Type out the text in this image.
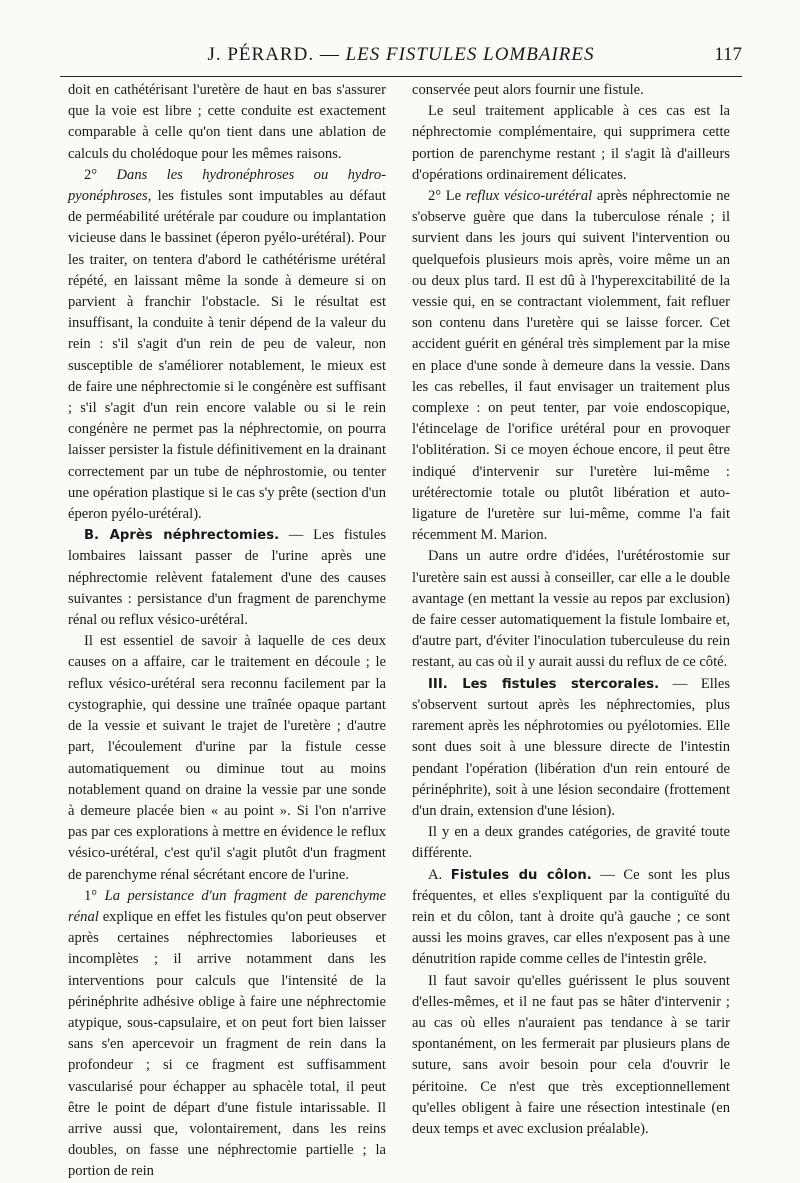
J. PÉRARD. — LES FISTULES LOMBAIRES	117

doit en cathétérisant l'uretère de haut en bas s'assurer que la voie est libre ; cette conduite est exactement comparable à celle qu'on tient dans une ablation de calculs du cholédoque pour les mêmes raisons.

2° Dans les hydronéphroses ou hydro-pyonéphroses, les fistules sont imputables au défaut de perméabilité urétérale par coudure ou implantation vicieuse dans le bassinet (éperon pyélo-urétéral). Pour les traiter, on tentera d'abord le cathétérisme urétéral répété, en laissant même la sonde à demeure si on parvient à franchir l'obstacle. Si le résultat est insuffisant, la conduite à tenir dépend de la valeur du rein : s'il s'agit d'un rein de peu de valeur, non susceptible de s'améliorer notablement, le mieux est de faire une néphrectomie si le congénère est suffisant ; s'il s'agit d'un rein encore valable ou si le rein congénère ne permet pas la néphrectomie, on pourra laisser persister la fistule définitivement en la drainant correctement par un tube de néphrostomie, ou tenter une opération plastique si le cas s'y prête (section d'un éperon pyélo-urétéral).

B. Après néphrectomies. — Les fistules lombaires laissant passer de l'urine après une néphrectomie relèvent fatalement d'une des causes suivantes : persistance d'un fragment de parenchyme rénal ou reflux vésico-urétéral.

Il est essentiel de savoir à laquelle de ces deux causes on a affaire, car le traitement en découle ; le reflux vésico-urétéral sera reconnu facilement par la cystographie, qui dessine une traînée opaque partant de la vessie et suivant le trajet de l'uretère ; d'autre part, l'écoulement d'urine par la fistule cesse automatiquement ou diminue tout au moins notablement quand on draine la vessie par une sonde à demeure placée bien « au point ». Si l'on n'arrive pas par ces explorations à mettre en évidence le reflux vésico-urétéral, c'est qu'il s'agit plutôt d'un fragment de parenchyme rénal sécrétant encore de l'urine.

1° La persistance d'un fragment de parenchyme rénal explique en effet les fistules qu'on peut observer après certaines néphrectomies laborieuses et incomplètes ; il arrive notamment dans les interventions pour calculs que l'intensité de la périnéphrite adhésive oblige à faire une néphrectomie atypique, sous-capsulaire, et on peut fort bien laisser sans s'en apercevoir un fragment de rein dans la profondeur ; si ce fragment est suffisamment vascularisé pour échapper au sphacèle total, il peut être le point de départ d'une fistule intarissable. Il arrive aussi que, volontairement, dans les reins doubles, on fasse une néphrectomie partielle ; la portion de rein

conservée peut alors fournir une fistule.

Le seul traitement applicable à ces cas est la néphrectomie complémentaire, qui supprimera cette portion de parenchyme restant ; il s'agit là d'ailleurs d'opérations ordinairement délicates.

2° Le reflux vésico-urétéral après néphrectomie ne s'observe guère que dans la tuberculose rénale ; il survient dans les jours qui suivent l'intervention ou quelquefois plusieurs mois après, voire même un an ou deux plus tard. Il est dû à l'hyperexcitabilité de la vessie qui, en se contractant violemment, fait refluer son contenu dans l'uretère qui se laisse forcer. Cet accident guérit en général très simplement par la mise en place d'une sonde à demeure dans la vessie. Dans les cas rebelles, il faut envisager un traitement plus complexe : on peut tenter, par voie endoscopique, l'étincelage de l'orifice urétéral pour en provoquer l'oblitération. Si ce moyen échoue encore, il peut être indiqué d'intervenir sur l'uretère lui-même : urétérectomie totale ou plutôt libération et auto-ligature de l'uretère sur lui-même, comme l'a fait récemment M. Marion.

Dans un autre ordre d'idées, l'urétérostomie sur l'uretère sain est aussi à conseiller, car elle a le double avantage (en mettant la vessie au repos par exclusion) de faire cesser automatiquement la fistule lombaire et, d'autre part, d'éviter l'inoculation tuberculeuse du rein restant, au cas où il y aurait aussi du reflux de ce côté.

III. Les fistules stercorales. — Elles s'observent surtout après les néphrectomies, plus rarement après les néphrotomies ou pyélotomies. Elle sont dues soit à une blessure directe de l'intestin pendant l'opération (libération d'un rein entouré de périnéphrite), soit à une lésion secondaire (frottement d'un drain, extension d'une lésion).

Il y en a deux grandes catégories, de gravité toute différente.

A. Fistules du côlon. — Ce sont les plus fréquentes, et elles s'expliquent par la contiguïté du rein et du côlon, tant à droite qu'à gauche ; ce sont aussi les moins graves, car elles n'exposent pas à une dénutrition rapide comme celles de l'intestin grêle.

Il faut savoir qu'elles guérissent le plus souvent d'elles-mêmes, et il ne faut pas se hâter d'intervenir ; au cas où elles n'auraient pas tendance à se tarir spontanément, on les fermerait par plusieurs plans de suture, sans avoir besoin pour cela d'ouvrir le péritoine. Ce n'est que très exceptionnellement qu'elles obligent à faire une résection intestinale (en deux temps et avec exclusion préalable).
